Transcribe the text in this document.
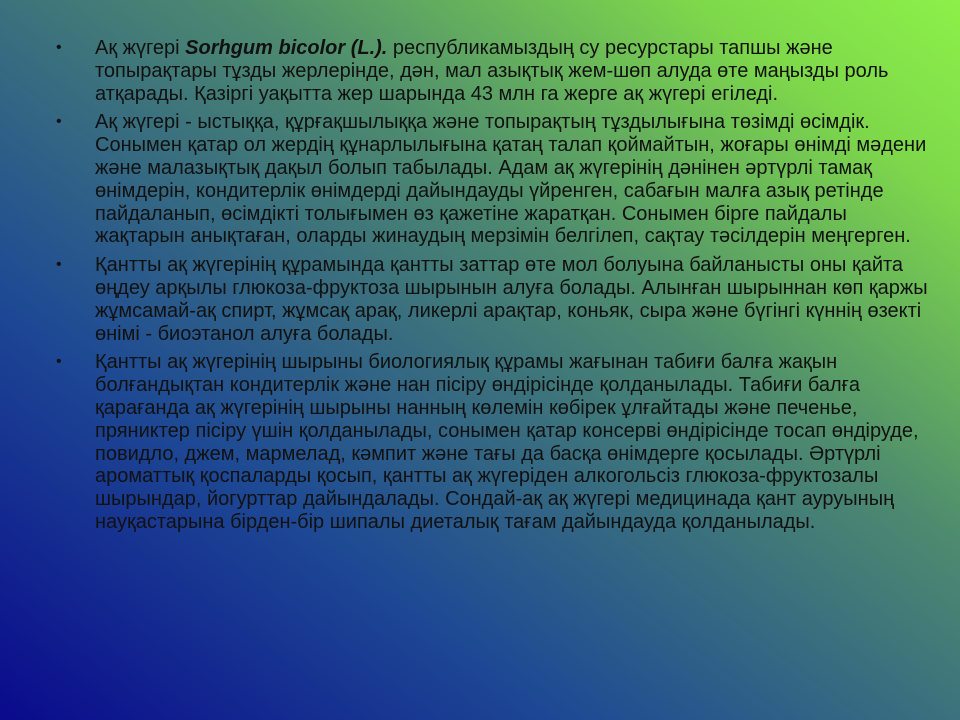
• Ақ жүгері Sorhgum bicolor (L.). республикамыздың су ресурстары тапшы және топырақтары тұзды жерлерінде, дән, мал азықтық жем-шөп алуда өте маңызды роль атқарады. Қазіргі уақытта жер шарында 43 млн га жерге ақ жүгері егіледі.
• Ақ жүгері - ыстыққа, құрғақшылыққа және топырақтың тұздылығына төзімді өсімдік. Сонымен қатар ол жердің құнарлылығына қатаң талап қоймайтын, жоғары өнімді мәдени және малазықтық дақыл болып табылады. Адам ақ жүгерінің дәнінен әртүрлі тамақ өнімдерін, кондитерлік өнімдерді дайындауды үйренген, сабағын малға азық ретінде пайдаланып, өсімдікті толығымен өз қажетіне жаратқан. Сонымен бірге пайдалы жақтарын анықтаған, оларды жинаудың мерзімін белгілеп, сақтау тәсілдерін меңгерген.
• Қантты ақ жүгерінің құрамында қантты заттар өте мол болуына байланысты оны қайта өңдеу арқылы глюкоза-фруктоза шырынын алуға болады. Алынған шырыннан көп қаржы жұмсамай-ақ спирт, жұмсақ арақ, ликерлі арақтар, коньяк, сыра және бүгінгі күннің өзекті өнімі - биоэтанол алуға болады.
• Қантты ақ жүгерінің шырыны биологиялық құрамы жағынан табиғи балға жақын болғандықтан кондитерлік және нан пісіру өндірісінде қолданылады. Табиғи балға қарағанда ақ жүгерінің шырыны нанның көлемін көбірек ұлғайтады және печенье, пряниктер пісіру үшін қолданылады, сонымен қатар консерві өндірісінде тосап өндіруде, повидло, джем, мармелад, кәмпит және тағы да басқа өнімдерге қосылады. Әртүрлі ароматтық қоспаларды қосып, қантты ақ жүгеріден алкогольсіз глюкоза-фруктозалы шырындар, йогурттар дайындалады. Сондай-ақ ақ жүгері медицинада қант ауруының науқастарына бірден-бір шипалы диеталық тағам дайындауда қолданылады.
